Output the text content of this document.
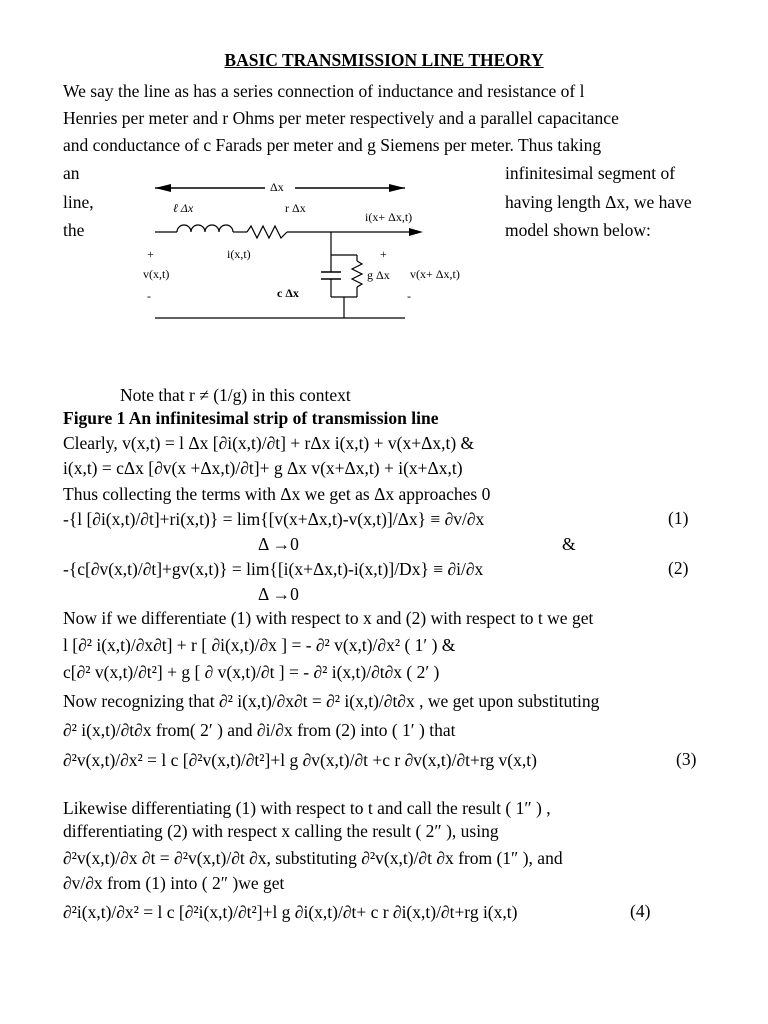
BASIC TRANSMISSION LINE THEORY
We say the line as has a series connection of inductance and resistance of l
Henries per meter and r Ohms per meter respectively and a parallel capacitance
and conductance of c Farads per meter and g Siemens per meter. Thus taking
an
line,
the
infinitesimal segment of
having length Δx, we have
model shown below:
Δx
ℓ Δx	r Δx
i(x+ Δx,t)
+	i(x,t)	+
v(x,t)	g Δx v(x+ Δx,t)
-	c Δx	-
Note that r ≠ (1/g) in this context
Figure 1 An infinitesimal strip of transmission line
Clearly, v(x,t) = l Δx [∂i(x,t)/∂t] + rΔx i(x,t) + v(x+Δx,t) &
i(x,t) = cΔx [∂v(x +Δx,t)/∂t]+ g Δx v(x+Δx,t) + i(x+Δx,t)
Thus collecting the terms with Δx we get as Δx approaches 0
-{l [∂i(x,t)/∂t]+ri(x,t)} = lim{[v(x+Δx,t)-v(x,t)]/Δx} ≡ ∂v/∂x	(1)
Δ →0	&
-{c[∂v(x,t)/∂t]+gv(x,t)} = lim{[i(x+Δx,t)-i(x,t)]/Dx} ≡ ∂i/∂x	(2)
Δ →0
Now if we differentiate (1) with respect to x and (2) with respect to t we get
l [∂² i(x,t)/∂x∂t] + r [ ∂i(x,t)/∂x ] = - ∂² v(x,t)/∂x² ( 1′ ) &
c[∂² v(x,t)/∂t²] + g [ ∂ v(x,t)/∂t ] = - ∂² i(x,t)/∂t∂x ( 2′ )
Now recognizing that ∂² i(x,t)/∂x∂t = ∂² i(x,t)/∂t∂x , we get upon substituting
∂² i(x,t)/∂t∂x from( 2′ ) and ∂i/∂x from (2) into ( 1′ ) that
∂²v(x,t)/∂x² = l c [∂²v(x,t)/∂t²]+l g ∂v(x,t)/∂t +c r ∂v(x,t)/∂t+rg v(x,t)	(3)
Likewise differentiating (1) with respect to t and call the result ( 1″ ) ,
differentiating (2) with respect x calling the result ( 2″ ), using
∂²v(x,t)/∂x ∂t = ∂²v(x,t)/∂t ∂x, substituting ∂²v(x,t)/∂t ∂x from (1″ ), and
∂v/∂x from (1) into ( 2″ )we get
∂²i(x,t)/∂x² = l c [∂²i(x,t)/∂t²]+l g ∂i(x,t)/∂t+ c r ∂i(x,t)/∂t+rg i(x,t)	(4)
